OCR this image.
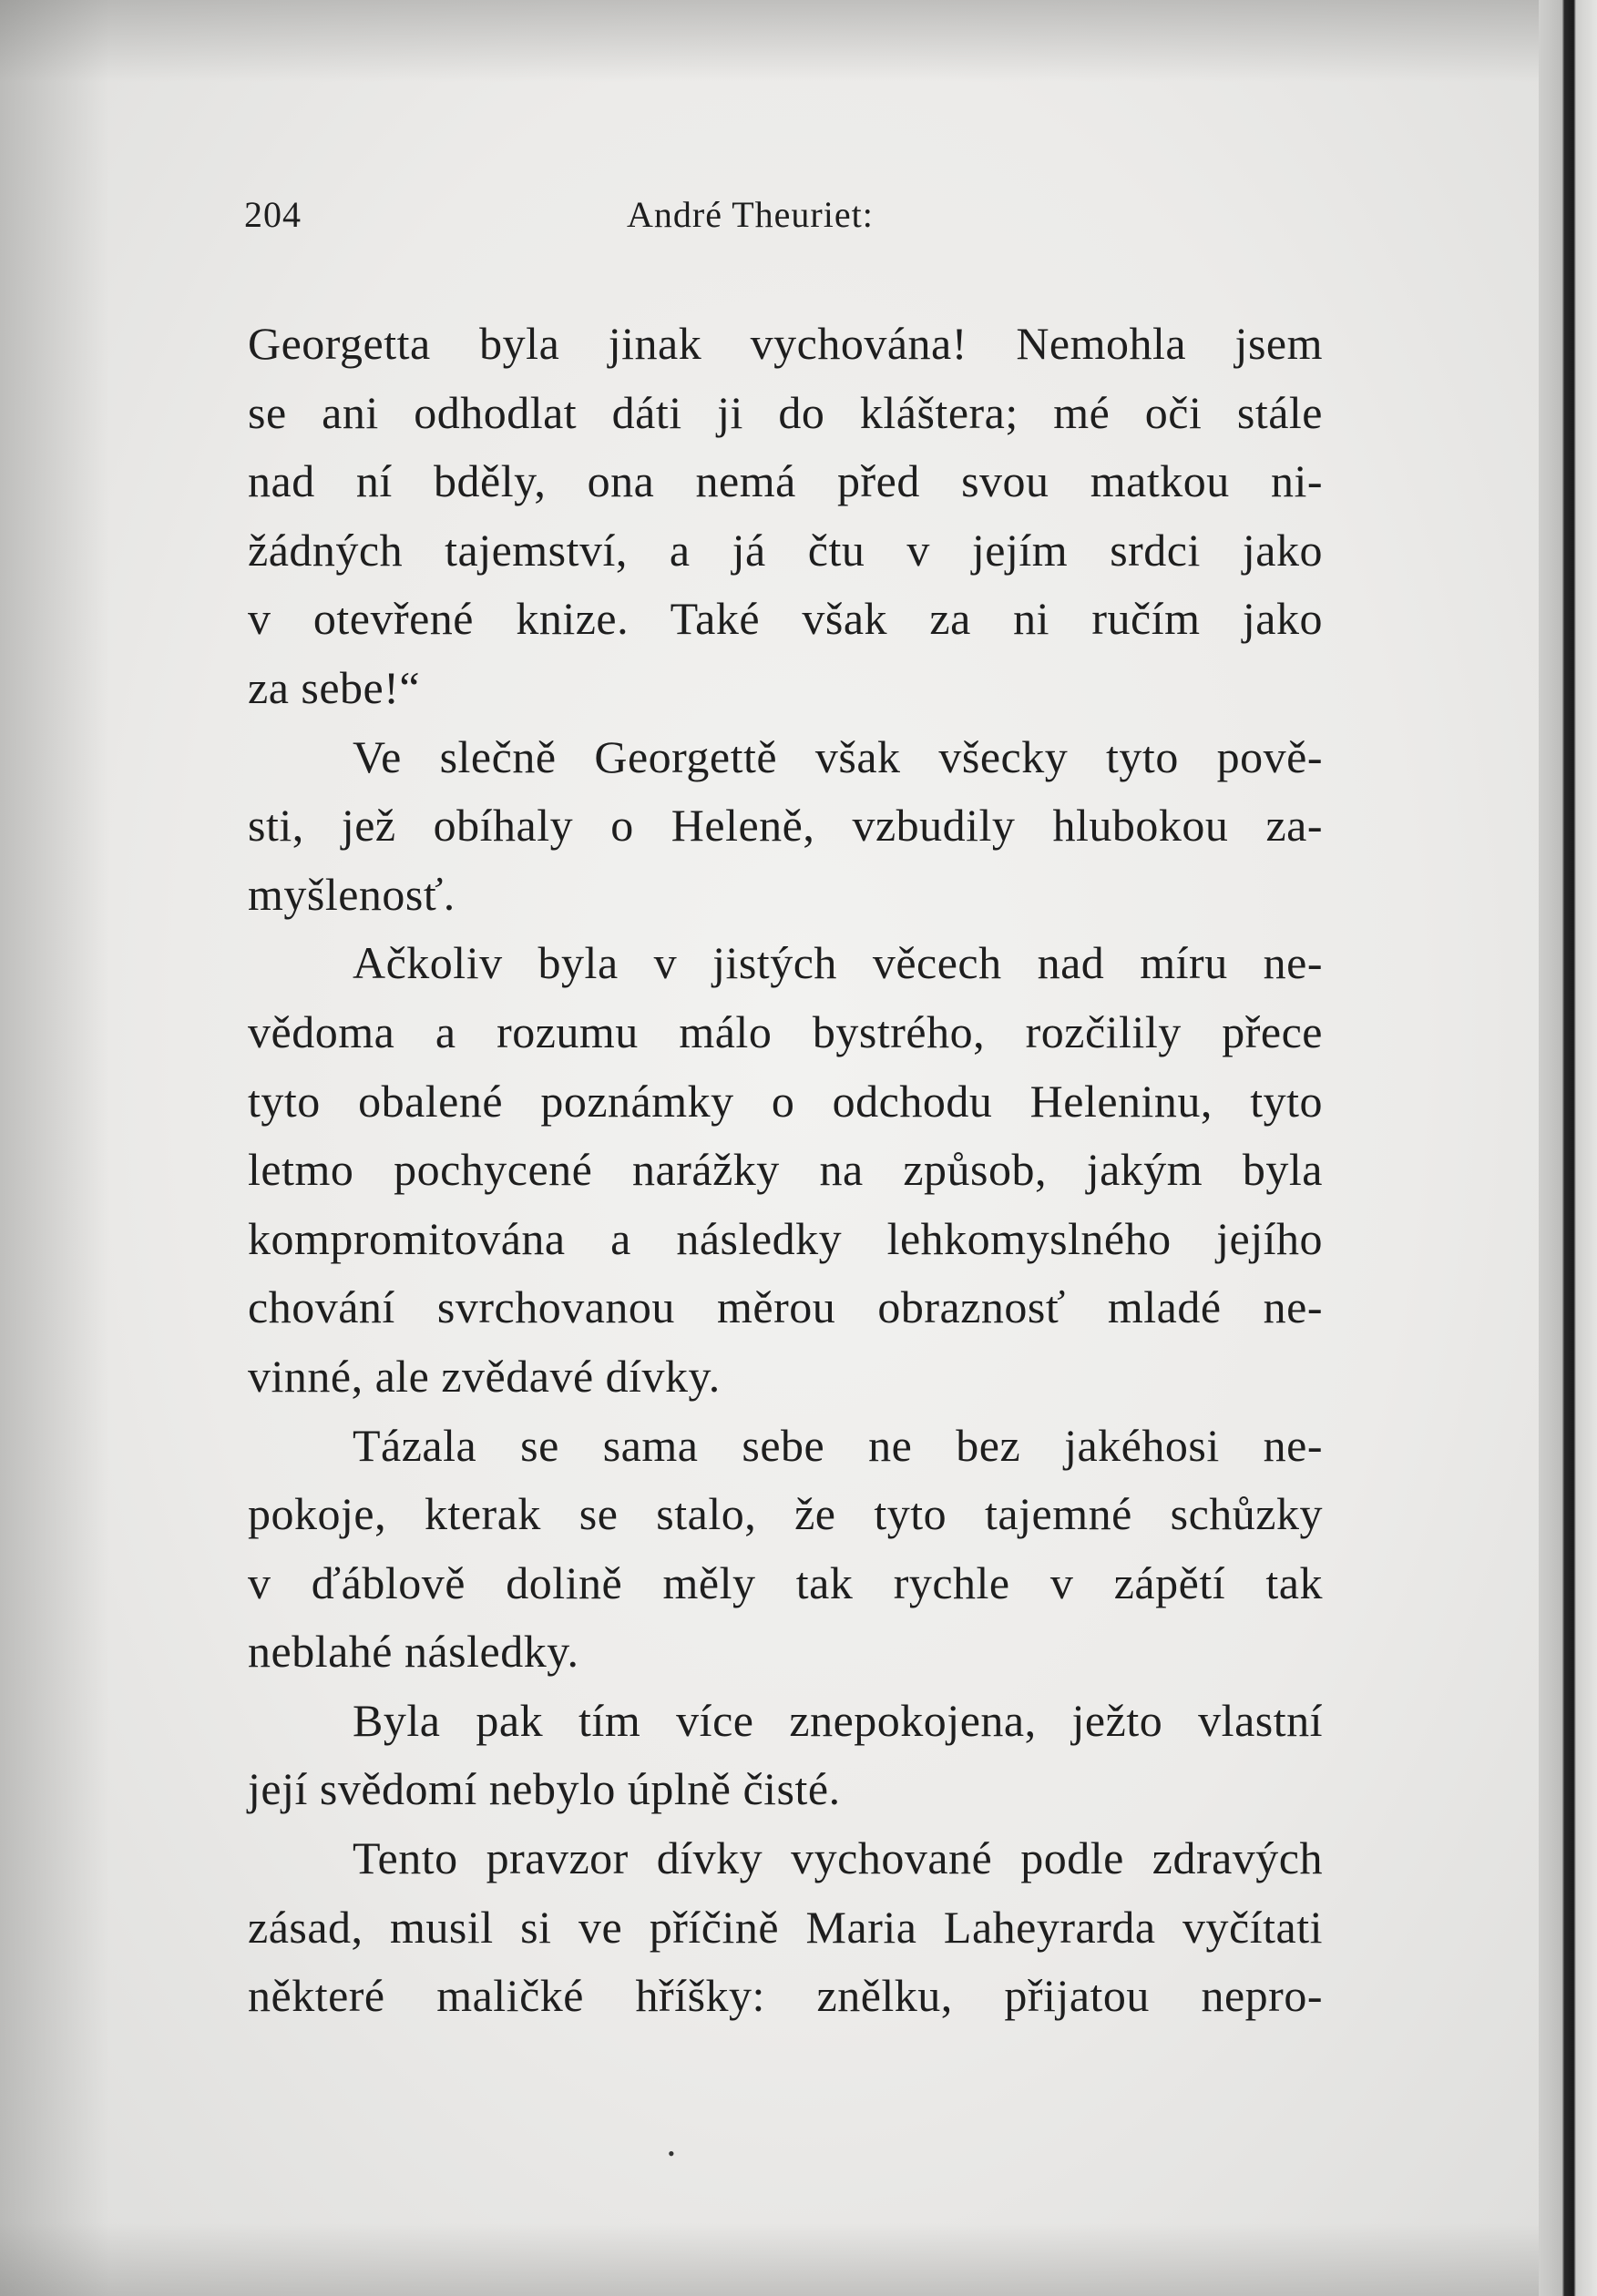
204	André Theuriet:
Georgetta byla jinak vychována! Nemohla jsem
se ani odhodlat dáti ji do kláštera; mé oči stále
nad ní bděly, ona nemá před svou matkou ni-
žádných tajemství, a já čtu v jejím srdci jako
v otevřené knize. Také však za ni ručím jako
za sebe!“
Ve slečně Georgettě však všecky tyto pově-
sti, jež obíhaly o Heleně, vzbudily hlubokou za-
myšlenosť.
Ačkoliv byla v jistých věcech nad míru ne-
vědoma a rozumu málo bystrého, rozčilily přece
tyto obalené poznámky o odchodu Heleninu, tyto
letmo pochycené narážky na způsob, jakým byla
kompromitována a následky lehkomyslného jejího
chování svrchovanou měrou obraznosť mladé ne-
vinné, ale zvědavé dívky.
Tázala se sama sebe ne bez jakéhosi ne-
pokoje, kterak se stalo, že tyto tajemné schůzky
v ďáblově dolině měly tak rychle v zápětí tak
neblahé následky.
Byla pak tím více znepokojena, ježto vlastní
její svědomí nebylo úplně čisté.
Tento pravzor dívky vychované podle zdravých
zásad, musil si ve příčině Maria Laheyrarda vyčítati
některé maličké hříšky: znělku, přijatou nepro-
•
